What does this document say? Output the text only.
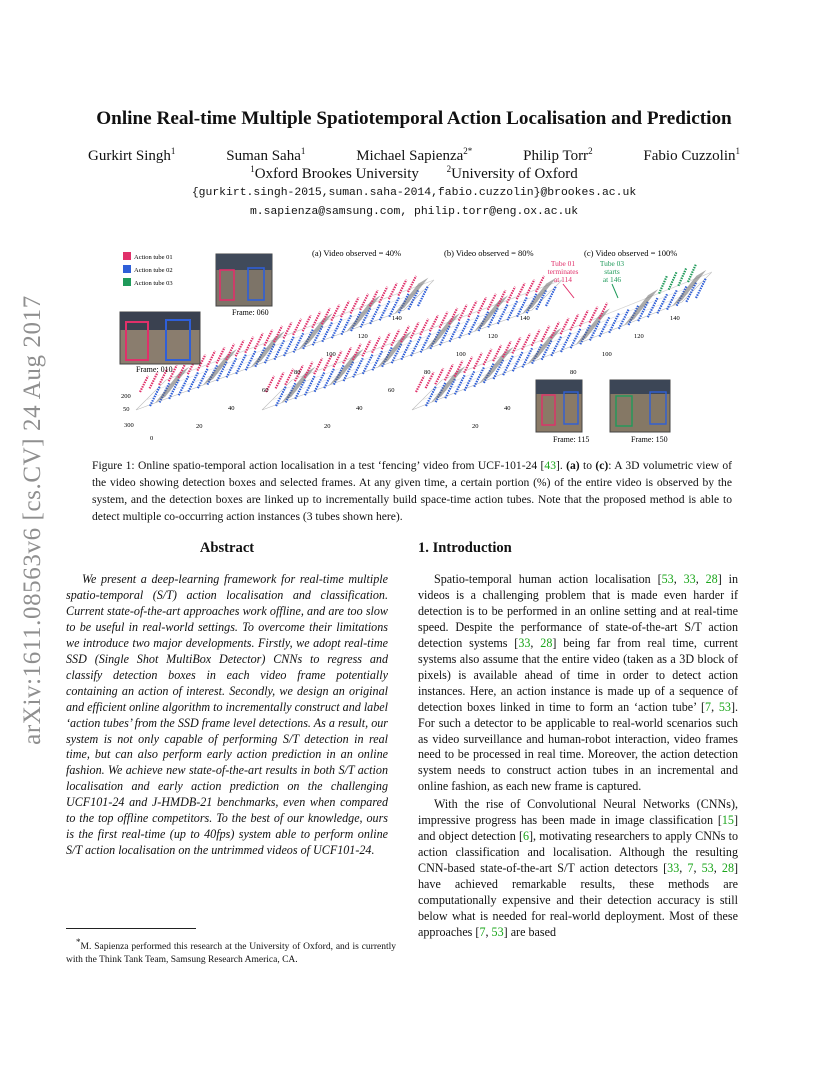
arXiv:1611.08563v6 [cs.CV] 24 Aug 2017
Online Real-time Multiple Spatiotemporal Action Localisation and Prediction
Gurkirt Singh$^1$	Suman Saha$^1$	Michael Sapienza$^{2*}$	Philip Torr$^2$	Fabio Cuzzolin$^1$
$^1$Oxford Brookes University	$^2$University of Oxford
{gurkirt.singh-2015,suman.saha-2014,fabio.cuzzolin}@brookes.ac.uk
m.sapienza@samsung.com, philip.torr@eng.ox.ac.uk
Action tube 01
Action tube 02
Action tube 03
(a) Video observed = 40%	(b) Video observed = 80%	(c) Video observed = 100%
Frame: 010
Frame: 060
Frame: 115	Frame: 150
Tube 01
terminates
at 114
Tube 03
starts
at 146
200
50
300
0
20
40
60
80
100
120
140
20
40
60
80
100
120
140
20
40
80
100
120
140
Figure 1: Online spatio-temporal action localisation in a test ‘fencing’ video from UCF-101-24 [43]. (a) to (c): A 3D volumetric view of the video showing detection boxes and selected frames. At any given time, a certain portion (%) of the entire video is observed by the system, and the detection boxes are linked up to incrementally build space-time action tubes. Note that the proposed method is able to detect multiple co-occurring action instances (3 tubes shown here).
Abstract
We present a deep-learning framework for real-time multiple spatio-temporal (S/T) action localisation and classification. Current state-of-the-art approaches work offline, and are too slow to be useful in real-world settings. To overcome their limitations we introduce two major developments. Firstly, we adopt real-time SSD (Single Shot MultiBox Detector) CNNs to regress and classify detection boxes in each video frame potentially containing an action of interest. Secondly, we design an original and efficient online algorithm to incrementally construct and label ‘action tubes’ from the SSD frame level detections. As a result, our system is not only capable of performing S/T detection in real time, but can also perform early action prediction in an online fashion. We achieve new state-of-the-art results in both S/T action localisation and early action prediction on the challenging UCF101-24 and J-HMDB-21 benchmarks, even when compared to the top offline competitors. To the best of our knowledge, ours is the first real-time (up to 40fps) system able to perform online S/T action localisation on the untrimmed videos of UCF101-24.
*M. Sapienza performed this research at the University of Oxford, and is currently with the Think Tank Team, Samsung Research America, CA.
1. Introduction

Spatio-temporal human action localisation [53, 33, 28] in videos is a challenging problem that is made even harder if detection is to be performed in an online setting and at real-time speed. Despite the performance of state-of-the-art S/T action detection systems [33, 28] being far from real time, current systems also assume that the entire video (taken as a 3D block of pixels) is available ahead of time in order to detect action instances. Here, an action instance is made up of a sequence of detection boxes linked in time to form an ‘action tube’ [7, 53]. For such a detector to be applicable to real-world scenarios such as video surveillance and human-robot interaction, video frames need to be processed in real time. Moreover, the action detection system needs to construct action tubes in an incremental and online fashion, as each new frame is captured.

With the rise of Convolutional Neural Networks (CNNs), impressive progress has been made in image classification [15] and object detection [6], motivating researchers to apply CNNs to action classification and localisation. Although the resulting CNN-based state-of-the-art S/T action detectors [33, 7, 53, 28] have achieved remarkable results, these methods are computationally expensive and their detection accuracy is still below what is needed for real-world deployment. Most of these approaches [7, 53] are based
